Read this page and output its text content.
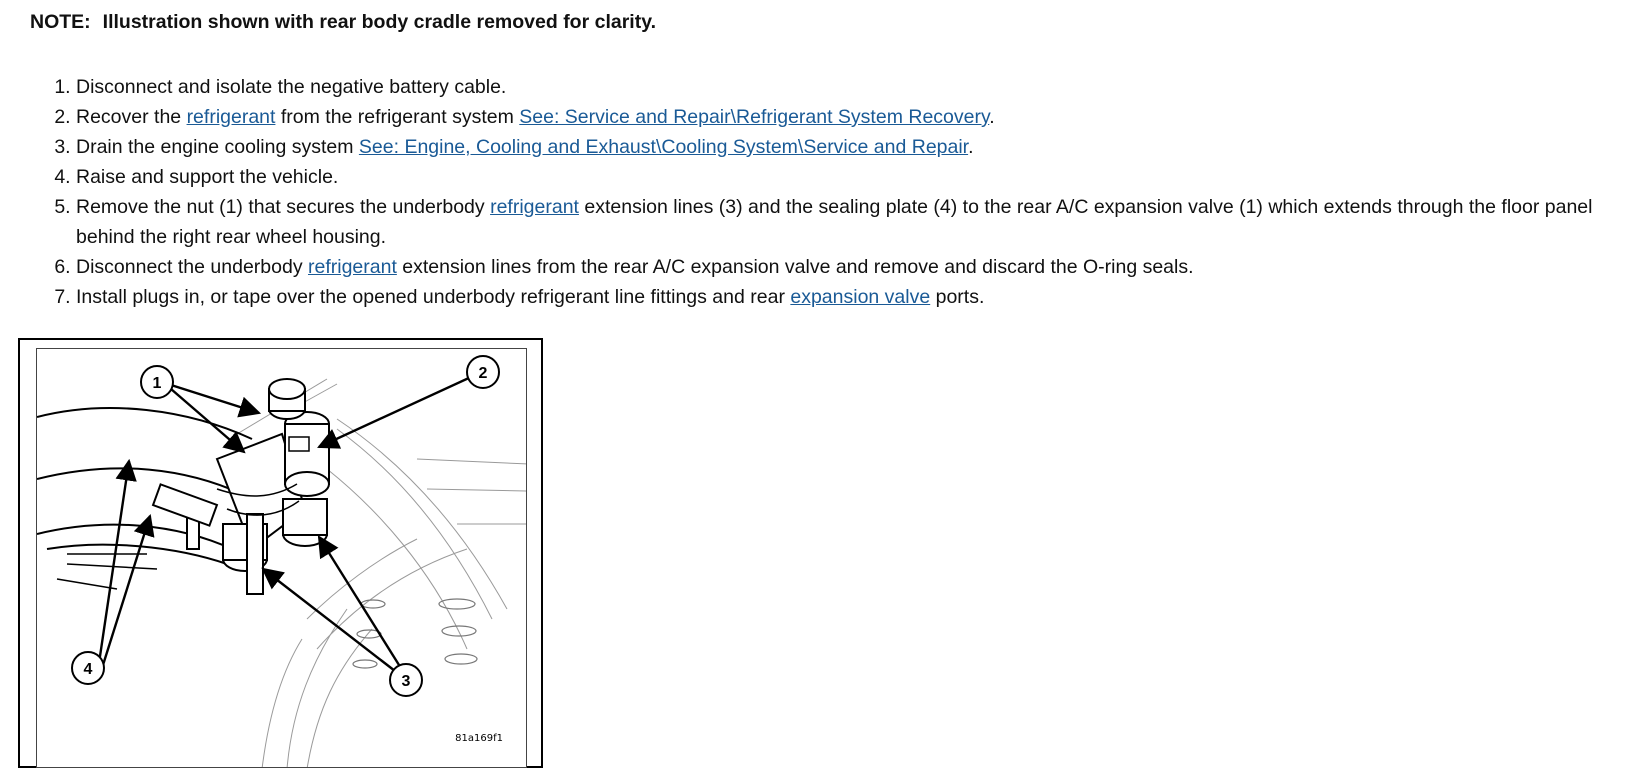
NOTE: Illustration shown with rear body cradle removed for clarity.
1. Disconnect and isolate the negative battery cable.
2. Recover the refrigerant from the refrigerant system See: Service and Repair\Refrigerant System Recovery.
3. Drain the engine cooling system See: Engine, Cooling and Exhaust\Cooling System\Service and Repair.
4. Raise and support the vehicle.
5. Remove the nut (1) that secures the underbody refrigerant extension lines (3) and the sealing plate (4) to the rear A/C expansion valve (1) which extends through the floor panel behind the right rear wheel housing.
6. Disconnect the underbody refrigerant extension lines from the rear A/C expansion valve and remove and discard the O-ring seals.
7. Install plugs in, or tape over the opened underbody refrigerant line fittings and rear expansion valve ports.
1
2
3
4
81a169f1
